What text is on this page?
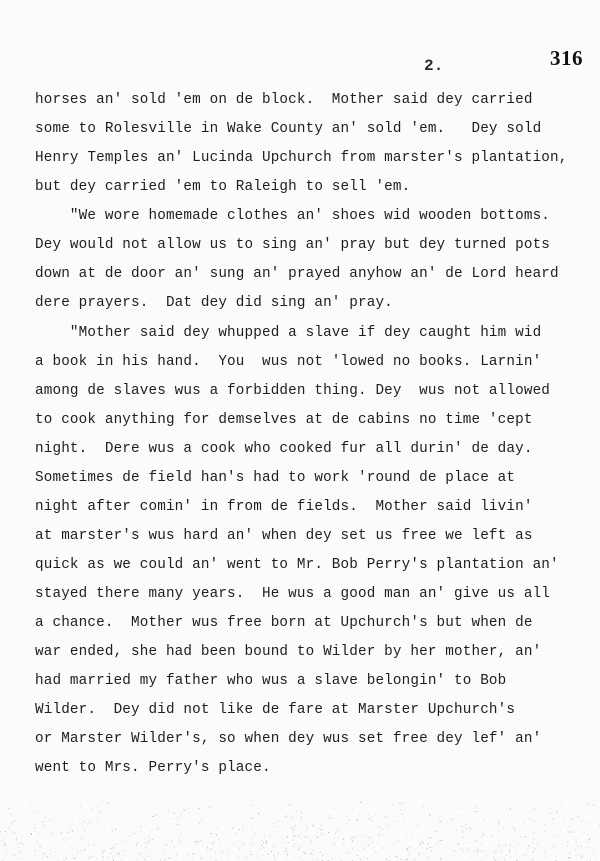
2.	316
horses an' sold 'em on de block.  Mother said dey carried
some to Rolesville in Wake County an' sold 'em.   Dey sold
Henry Temples an' Lucinda Upchurch from marster's plantation,
but dey carried 'em to Raleigh to sell 'em.
"We wore homemade clothes an' shoes wid wooden bottoms.
Dey would not allow us to sing an' pray but dey turned pots
down at de door an' sung an' prayed anyhow an' de Lord heard
dere prayers.  Dat dey did sing an' pray.
"Mother said dey whupped a slave if dey caught him wid
a book in his hand.  You  wus not 'lowed no books. Larnin'
among de slaves wus a forbidden thing. Dey  wus not allowed
to cook anything for demselves at de cabins no time 'cept
night.  Dere wus a cook who cooked fur all durin' de day.
Sometimes de field han's had to work 'round de place at
night after comin' in from de fields.  Mother said livin'
at marster's wus hard an' when dey set us free we left as
quick as we could an' went to Mr. Bob Perry's plantation an'
stayed there many years.  He wus a good man an' give us all
a chance.  Mother wus free born at Upchurch's but when de
war ended, she had been bound to Wilder by her mother, an'
had married my father who wus a slave belongin' to Bob
Wilder.  Dey did not like de fare at Marster Upchurch's
or Marster Wilder's, so when dey wus set free dey lef' an'
went to Mrs. Perry's place.
